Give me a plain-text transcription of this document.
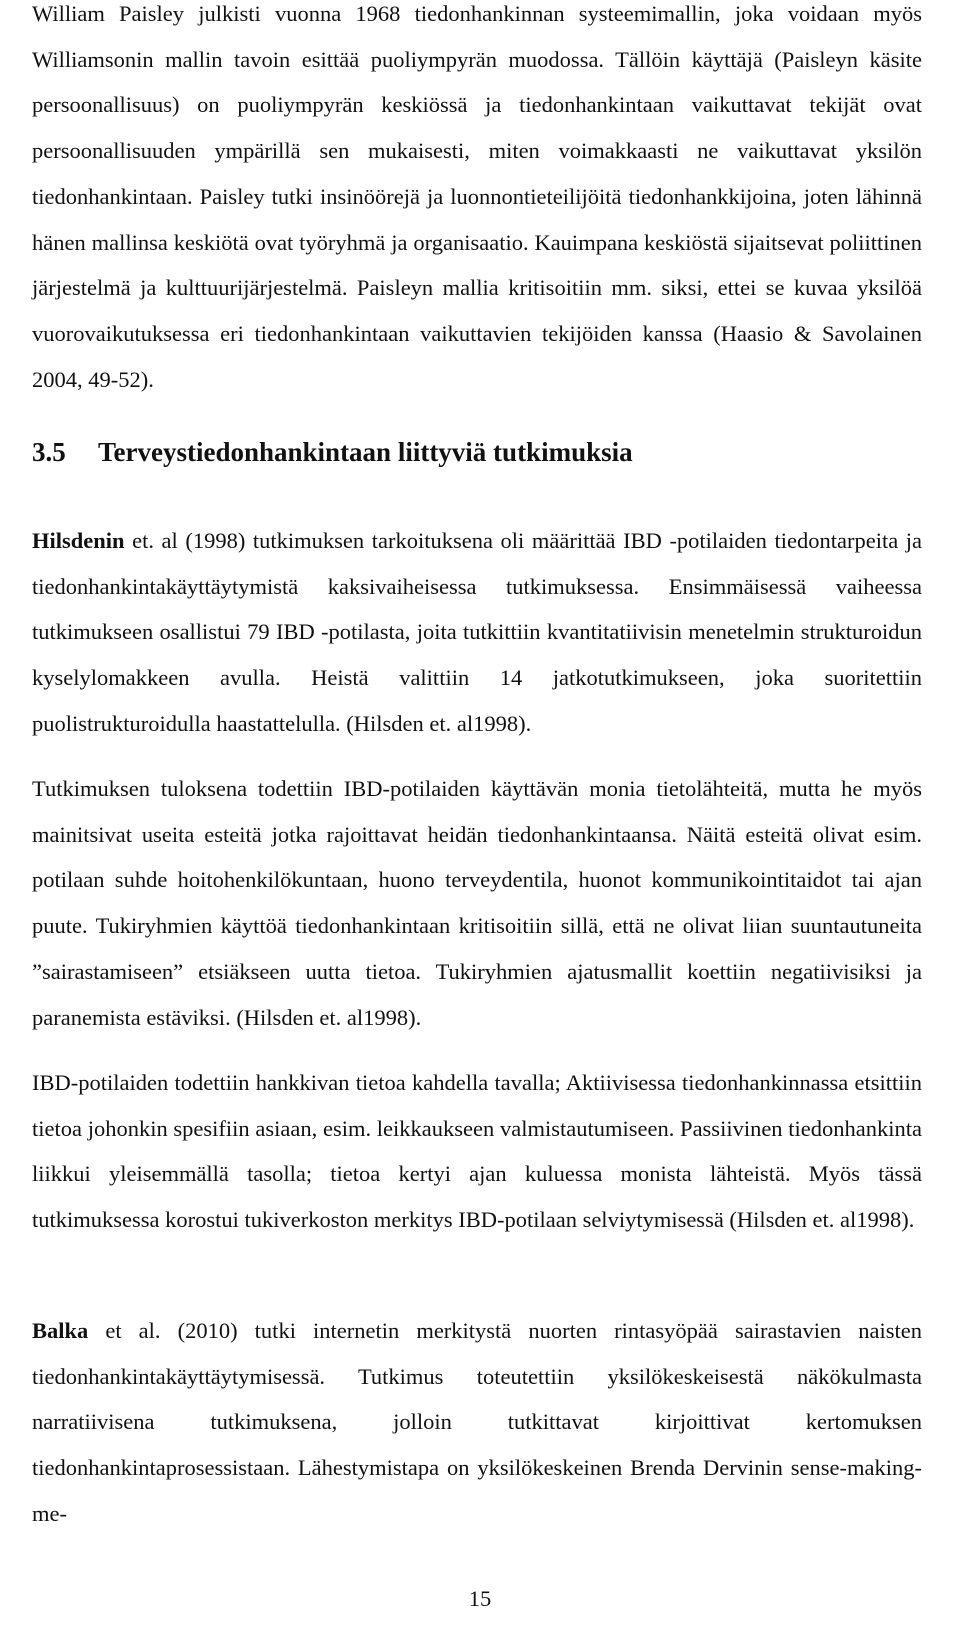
William Paisley julkisti vuonna 1968 tiedonhankinnan systeemimallin, joka voidaan myös Williamsonin mallin tavoin esittää puoliympyrän muodossa. Tällöin käyttäjä (Paisleyn käsite persoonallisuus) on puoliympyrän keskiössä ja tiedonhankintaan vaikuttavat tekijät ovat persoonallisuuden ympärillä sen mukaisesti, miten voimakkaasti ne vaikuttavat yksilön tiedonhankintaan. Paisley tutki insinöörejä ja luonnontieteilijöitä tiedonhankkijoina, joten lähinnä hänen mallinsa keskiötä ovat työryhmä ja organisaatio. Kauimpana keskiöstä sijaitsevat poliittinen järjestelmä ja kulttuurijärjestelmä. Paisleyn mallia kritisoitiin mm. siksi, ettei se kuvaa yksilöä vuorovaikutuksessa eri tiedonhankintaan vaikuttavien tekijöiden kanssa (Haasio & Savolainen 2004, 49-52).

3.5 Terveystiedonhankintaan liittyviä tutkimuksia

Hilsdenin et. al (1998) tutkimuksen tarkoituksena oli määrittää IBD -potilaiden tiedontarpeita ja tiedonhankintakäyttäytymistä kaksivaiheisessa tutkimuksessa. Ensimmäisessä vaiheessa tutkimukseen osallistui 79 IBD -potilasta, joita tutkittiin kvantitatiivisin menetelmin strukturoidun kyselylomakkeen avulla. Heistä valittiin 14 jatkotutkimukseen, joka suoritettiin puolistrukturoidulla haastattelulla. (Hilsden et. al1998).

Tutkimuksen tuloksena todettiin IBD-potilaiden käyttävän monia tietolähteitä, mutta he myös mainitsivat useita esteitä jotka rajoittavat heidän tiedonhankintaansa. Näitä esteitä olivat esim. potilaan suhde hoitohenkilökuntaan, huono terveydentila, huonot kommunikointitaidot tai ajan puute. Tukiryhmien käyttöä tiedonhankintaan kritisoitiin sillä, että ne olivat liian suuntautuneita ”sairastamiseen” etsiäkseen uutta tietoa. Tukiryhmien ajatusmallit koettiin negatiivisiksi ja paranemista estäviksi. (Hilsden et. al1998).

IBD-potilaiden todettiin hankkivan tietoa kahdella tavalla; Aktiivisessa tiedonhankinnassa etsittiin tietoa johonkin spesifiin asiaan, esim. leikkaukseen valmistautumiseen. Passiivinen tiedonhankinta liikkui yleisemmällä tasolla; tietoa kertyi ajan kuluessa monista lähteistä. Myös tässä tutkimuksessa korostui tukiverkoston merkitys IBD-potilaan selviytymisessä (Hilsden et. al1998).

Balka et al. (2010) tutki internetin merkitystä nuorten rintasyöpää sairastavien naisten tiedonhankintakäyttäytymisessä. Tutkimus toteutettiin yksilökeskeisestä näkökulmasta narratiivisena tutkimuksena, jolloin tutkittavat kirjoittivat kertomuksen tiedonhankintaprosessistaan. Lähestymistapa on yksilökeskeinen Brenda Dervinin sense-making- me-

15
